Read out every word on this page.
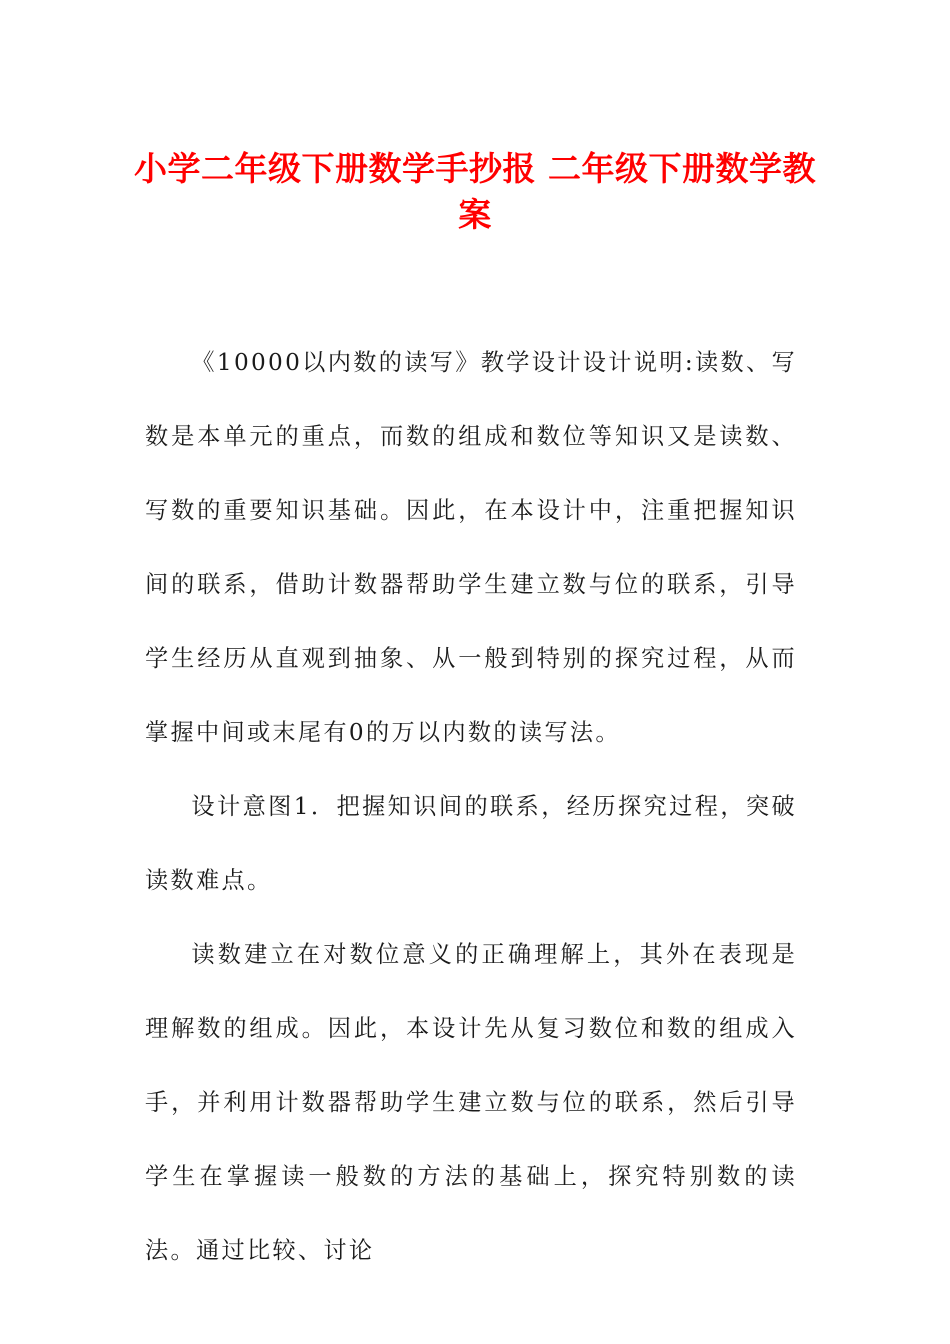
小学二年级下册数学手抄报 二年级下册数学教案

《10000以内数的读写》教学设计设计说明:读数、写数是本单元的重点，而数的组成和数位等知识又是读数、写数的重要知识基础。因此，在本设计中，注重把握知识间的联系，借助计数器帮助学生建立数与位的联系，引导学生经历从直观到抽象、从一般到特别的探究过程，从而掌握中间或末尾有0的万以内数的读写法。

设计意图1．把握知识间的联系，经历探究过程，突破读数难点。

读数建立在对数位意义的正确理解上，其外在表现是理解数的组成。因此，本设计先从复习数位和数的组成入手，并利用计数器帮助学生建立数与位的联系，然后引导学生在掌握读一般数的方法的基础上，探究特别数的读法。通过比较、讨论
